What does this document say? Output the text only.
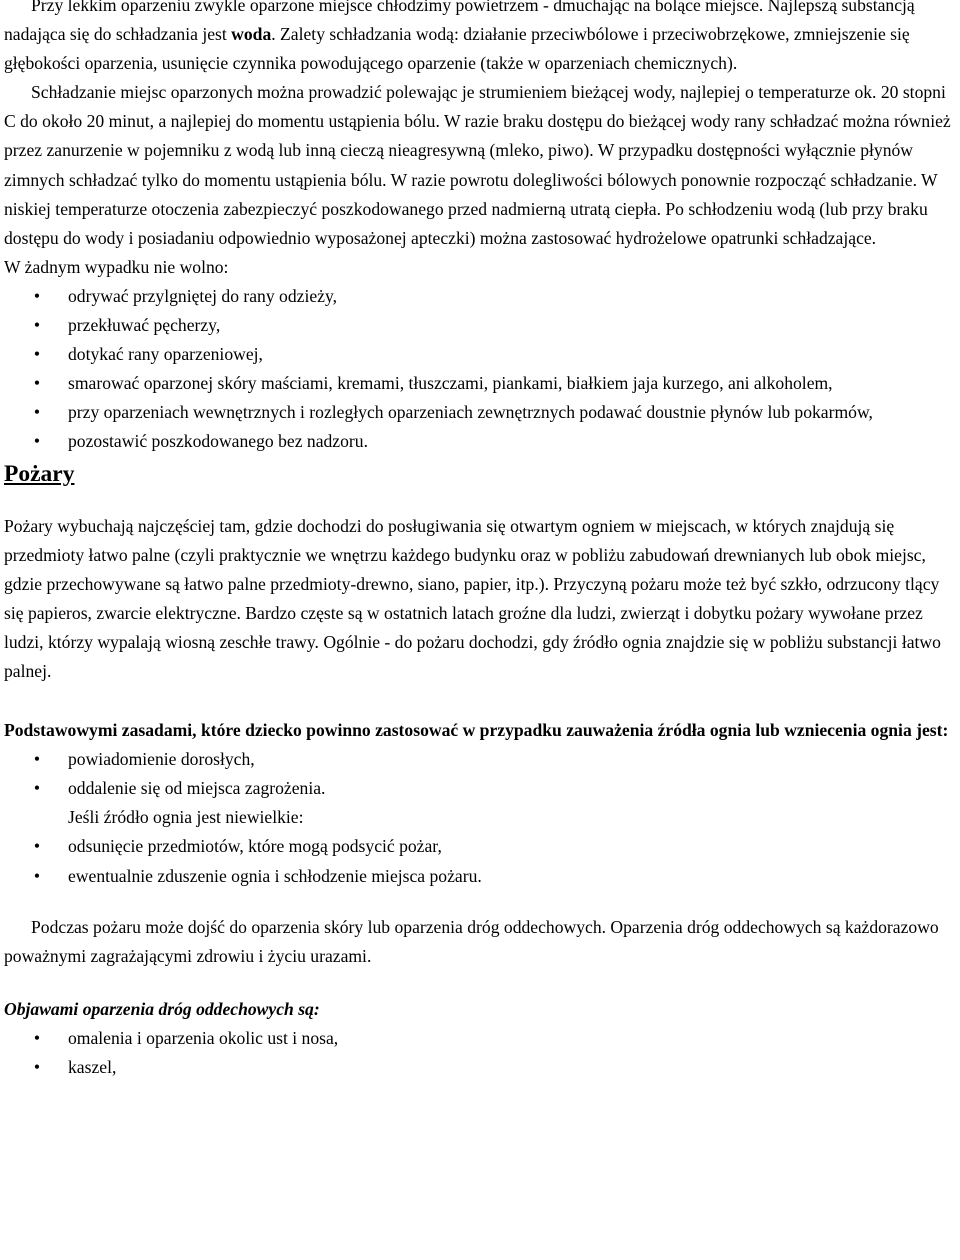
Przy lekkim oparzeniu zwykle oparzone miejsce chłodzimy powietrzem - dmuchając na bolące miejsce. Najlepszą substancją nadająca się do schładzania jest woda. Zalety schładzania wodą: działanie przeciwbólowe i przeciwobrzękowe, zmniejszenie się głębokości oparzenia, usunięcie czynnika powodującego oparzenie (także w oparzeniach chemicznych).

Schładzanie miejsc oparzonych można prowadzić polewając je strumieniem bieżącej wody, najlepiej o temperaturze ok. 20 stopni C do około 20 minut, a najlepiej do momentu ustąpienia bólu. W razie braku dostępu do bieżącej wody rany schładzać można również przez zanurzenie w pojemniku z wodą lub inną cieczą nieagresywną (mleko, piwo). W przypadku dostępności wyłącznie płynów zimnych schładzać tylko do momentu ustąpienia bólu. W razie powrotu dolegliwości bólowych ponownie rozpocząć schładzanie. W niskiej temperaturze otoczenia zabezpieczyć poszkodowanego przed nadmierną utratą ciepła. Po schłodzeniu wodą (lub przy braku dostępu do wody i posiadaniu odpowiednio wyposażonej apteczki) można zastosować hydrożelowe opatrunki schładzające.

W żadnym wypadku nie wolno:

• odrywać przylgniętej do rany odzieży,
• przekłuwać pęcherzy,
• dotykać rany oparzeniowej,
• smarować oparzonej skóry maściami, kremami, tłuszczami, piankami, białkiem jaja kurzego, ani alkoholem,
• przy oparzeniach wewnętrznych i rozległych oparzeniach zewnętrznych podawać doustnie płynów lub pokarmów,
• pozostawić poszkodowanego bez nadzoru.
Pożary

Pożary wybuchają najczęściej tam, gdzie dochodzi do posługiwania się otwartym ogniem w miejscach, w których znajdują się przedmioty łatwo palne (czyli praktycznie we wnętrzu każdego budynku oraz w pobliżu zabudowań drewnianych lub obok miejsc, gdzie przechowywane są łatwo palne przedmioty-drewno, siano, papier, itp.). Przyczyną pożaru może też być szkło, odrzucony tlący się papieros, zwarcie elektryczne. Bardzo częste są w ostatnich latach groźne dla ludzi, zwierząt i dobytku pożary wywołane przez ludzi, którzy wypalają wiosną zeschłe trawy. Ogólnie - do pożaru dochodzi, gdy źródło ognia znajdzie się w pobliżu substancji łatwo palnej.

Podstawowymi zasadami, które dziecko powinno zastosować w przypadku zauważenia źródła ognia lub wzniecenia ognia jest:

• powiadomienie dorosłych,
• oddalenie się od miejsca zagrożenia.

Jeśli źródło ognia jest niewielkie:

• odsunięcie przedmiotów, które mogą podsycić pożar,
• ewentualnie zduszenie ognia i schłodzenie miejsca pożaru.

Podczas pożaru może dojść do oparzenia skóry lub oparzenia dróg oddechowych. Oparzenia dróg oddechowych są każdorazowo poważnymi zagrażającymi zdrowiu i życiu urazami.

Objawami oparzenia dróg oddechowych są:

• omalenia i oparzenia okolic ust i nosa,
• kaszel,
